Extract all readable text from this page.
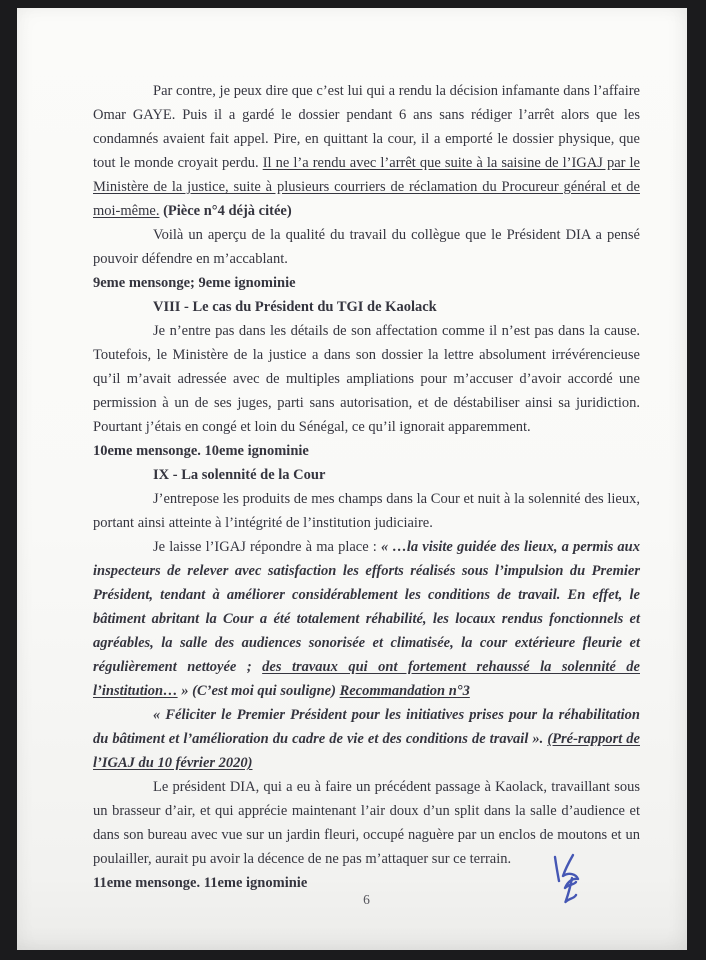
Par contre, je peux dire que c’est lui qui a rendu la décision infamante dans l’affaire Omar GAYE. Puis il a gardé le dossier pendant 6 ans sans rédiger l’arrêt alors que les condamnés avaient fait appel. Pire, en quittant la cour, il a emporté le dossier physique, que tout le monde croyait perdu. Il ne l’a rendu avec l’arrêt que suite à la saisine de l’IGAJ par le Ministère de la justice, suite à plusieurs courriers de réclamation du Procureur général et de moi-même. (Pièce n°4 déjà citée)

Voilà un aperçu de la qualité du travail du collègue que le Président DIA a pensé pouvoir défendre en m’accablant.

9eme mensonge; 9eme ignominie

VIII - Le cas du Président du TGI de Kaolack

Je n’entre pas dans les détails de son affectation comme il n’est pas dans la cause. Toutefois, le Ministère de la justice a dans son dossier la lettre absolument irrévérencieuse qu’il m’avait adressée avec de multiples ampliations pour m’accuser d’avoir accordé une permission à un de ses juges, parti sans autorisation, et de déstabiliser ainsi sa juridiction. Pourtant j’étais en congé et loin du Sénégal, ce qu’il ignorait apparemment.

10eme mensonge. 10eme ignominie

IX - La solennité de la Cour

J’entrepose les produits de mes champs dans la Cour et nuit à la solennité des lieux, portant ainsi atteinte à l’intégrité de l’institution judiciaire.

Je laisse l’IGAJ répondre à ma place : « …la visite guidée des lieux, a permis aux inspecteurs de relever avec satisfaction les efforts réalisés sous l’impulsion du Premier Président, tendant à améliorer considérablement les conditions de travail. En effet, le bâtiment abritant la Cour a été totalement réhabilité, les locaux rendus fonctionnels et agréables, la salle des audiences sonorisée et climatisée, la cour extérieure fleurie et régulièrement nettoyée ; des travaux qui ont fortement rehaussé la solennité de l’institution… » (C’est moi qui souligne) Recommandation n°3

« Féliciter le Premier Président pour les initiatives prises pour la réhabilitation du bâtiment et l’amélioration du cadre de vie et des conditions de travail ». (Pré-rapport de l’IGAJ du 10 février 2020)

Le président DIA, qui a eu à faire un précédent passage à Kaolack, travaillant sous un brasseur d’air, et qui apprécie maintenant l’air doux d’un split dans la salle d’audience et dans son bureau avec vue sur un jardin fleuri, occupé naguère par un enclos de moutons et un poulailler, aurait pu avoir la décence de ne pas m’attaquer sur ce terrain.

11eme mensonge. 11eme ignominie

6
